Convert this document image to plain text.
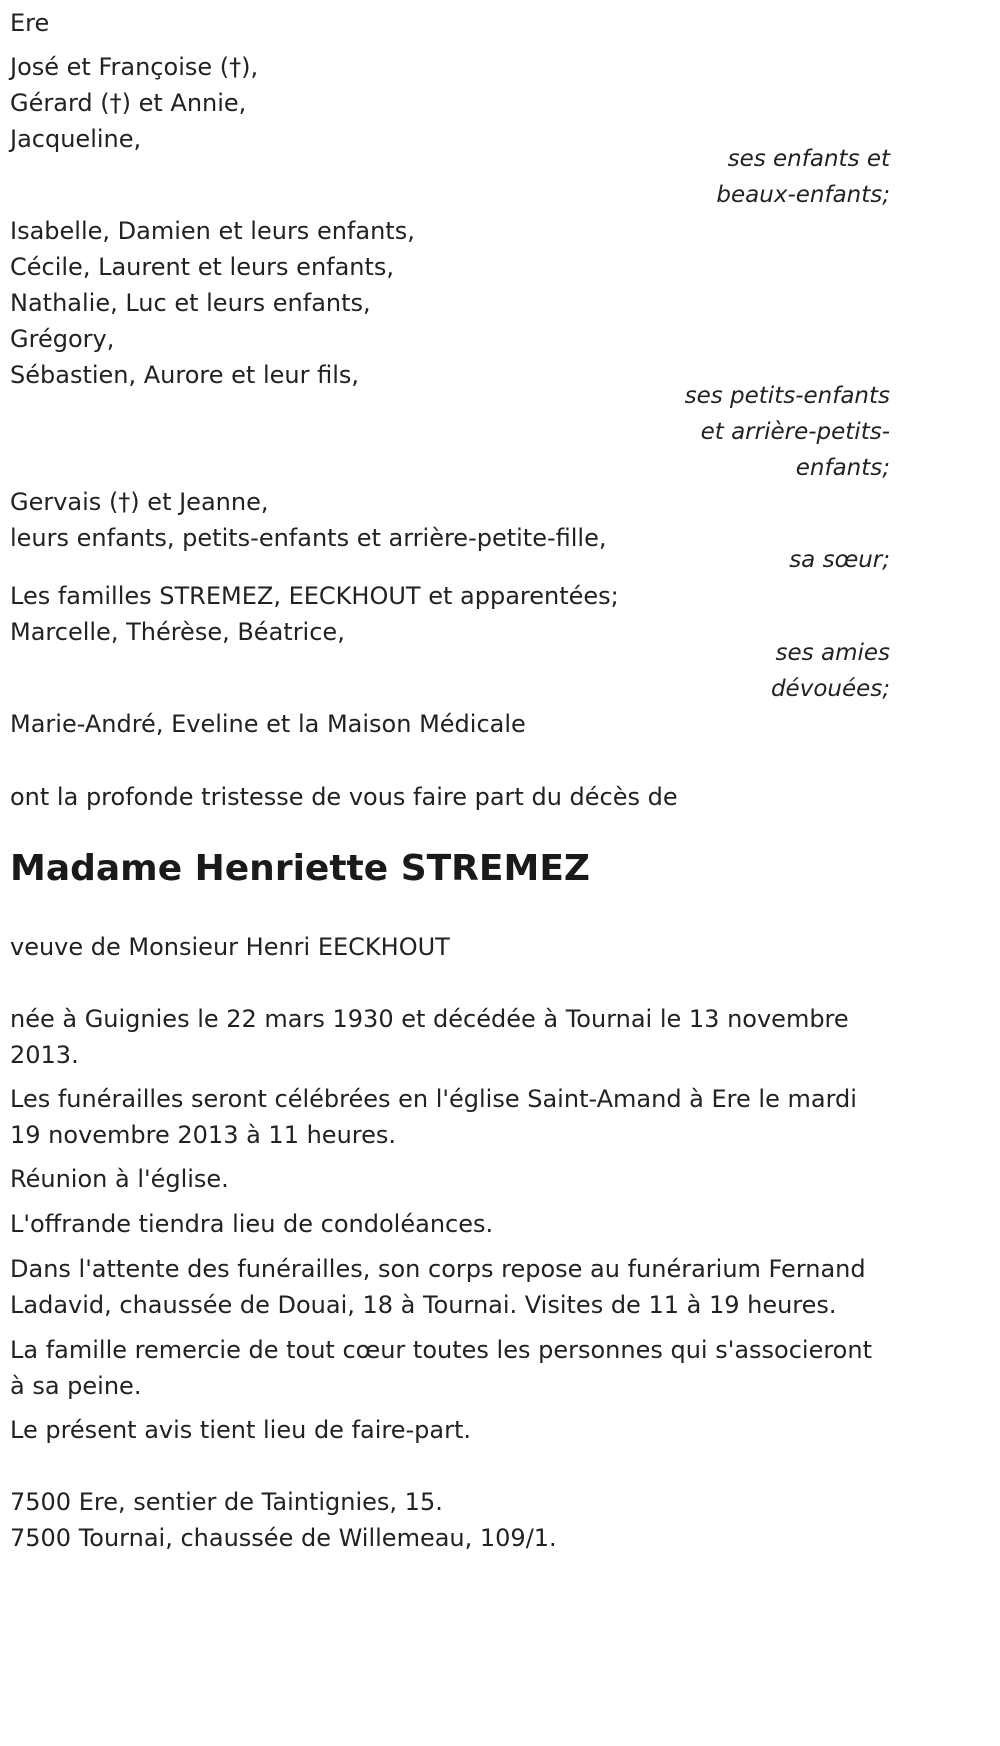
Ere
José et Françoise (†),
Gérard (†) et Annie,
Jacqueline,
ses enfants et
beaux-enfants;
Isabelle, Damien et leurs enfants,
Cécile, Laurent et leurs enfants,
Nathalie, Luc et leurs enfants,
Grégory,
Sébastien, Aurore et leur fils,
ses petits-enfants
et arrière-petits-
enfants;
Gervais (†) et Jeanne,
leurs enfants, petits-enfants et arrière-petite-fille,
sa sœur;
Les familles STREMEZ, EECKHOUT et apparentées;
Marcelle, Thérèse, Béatrice,
ses amies
dévouées;
Marie-André, Eveline et la Maison Médicale
ont la profonde tristesse de vous faire part du décès de
Madame Henriette STREMEZ
veuve de Monsieur Henri EECKHOUT

née à Guignies le 22 mars 1930 et décédée à Tournai le 13 novembre 2013.

Les funérailles seront célébrées en l'église Saint-Amand à Ere le mardi 19 novembre 2013 à 11 heures.

Réunion à l'église.

L'offrande tiendra lieu de condoléances.

Dans l'attente des funérailles, son corps repose au funérarium Fernand Ladavid, chaussée de Douai, 18 à Tournai. Visites de 11 à 19 heures.

La famille remercie de tout cœur toutes les personnes qui s'associeront à sa peine.

Le présent avis tient lieu de faire-part.

7500 Ere, sentier de Taintignies, 15.
7500 Tournai, chaussée de Willemeau, 109/1.
